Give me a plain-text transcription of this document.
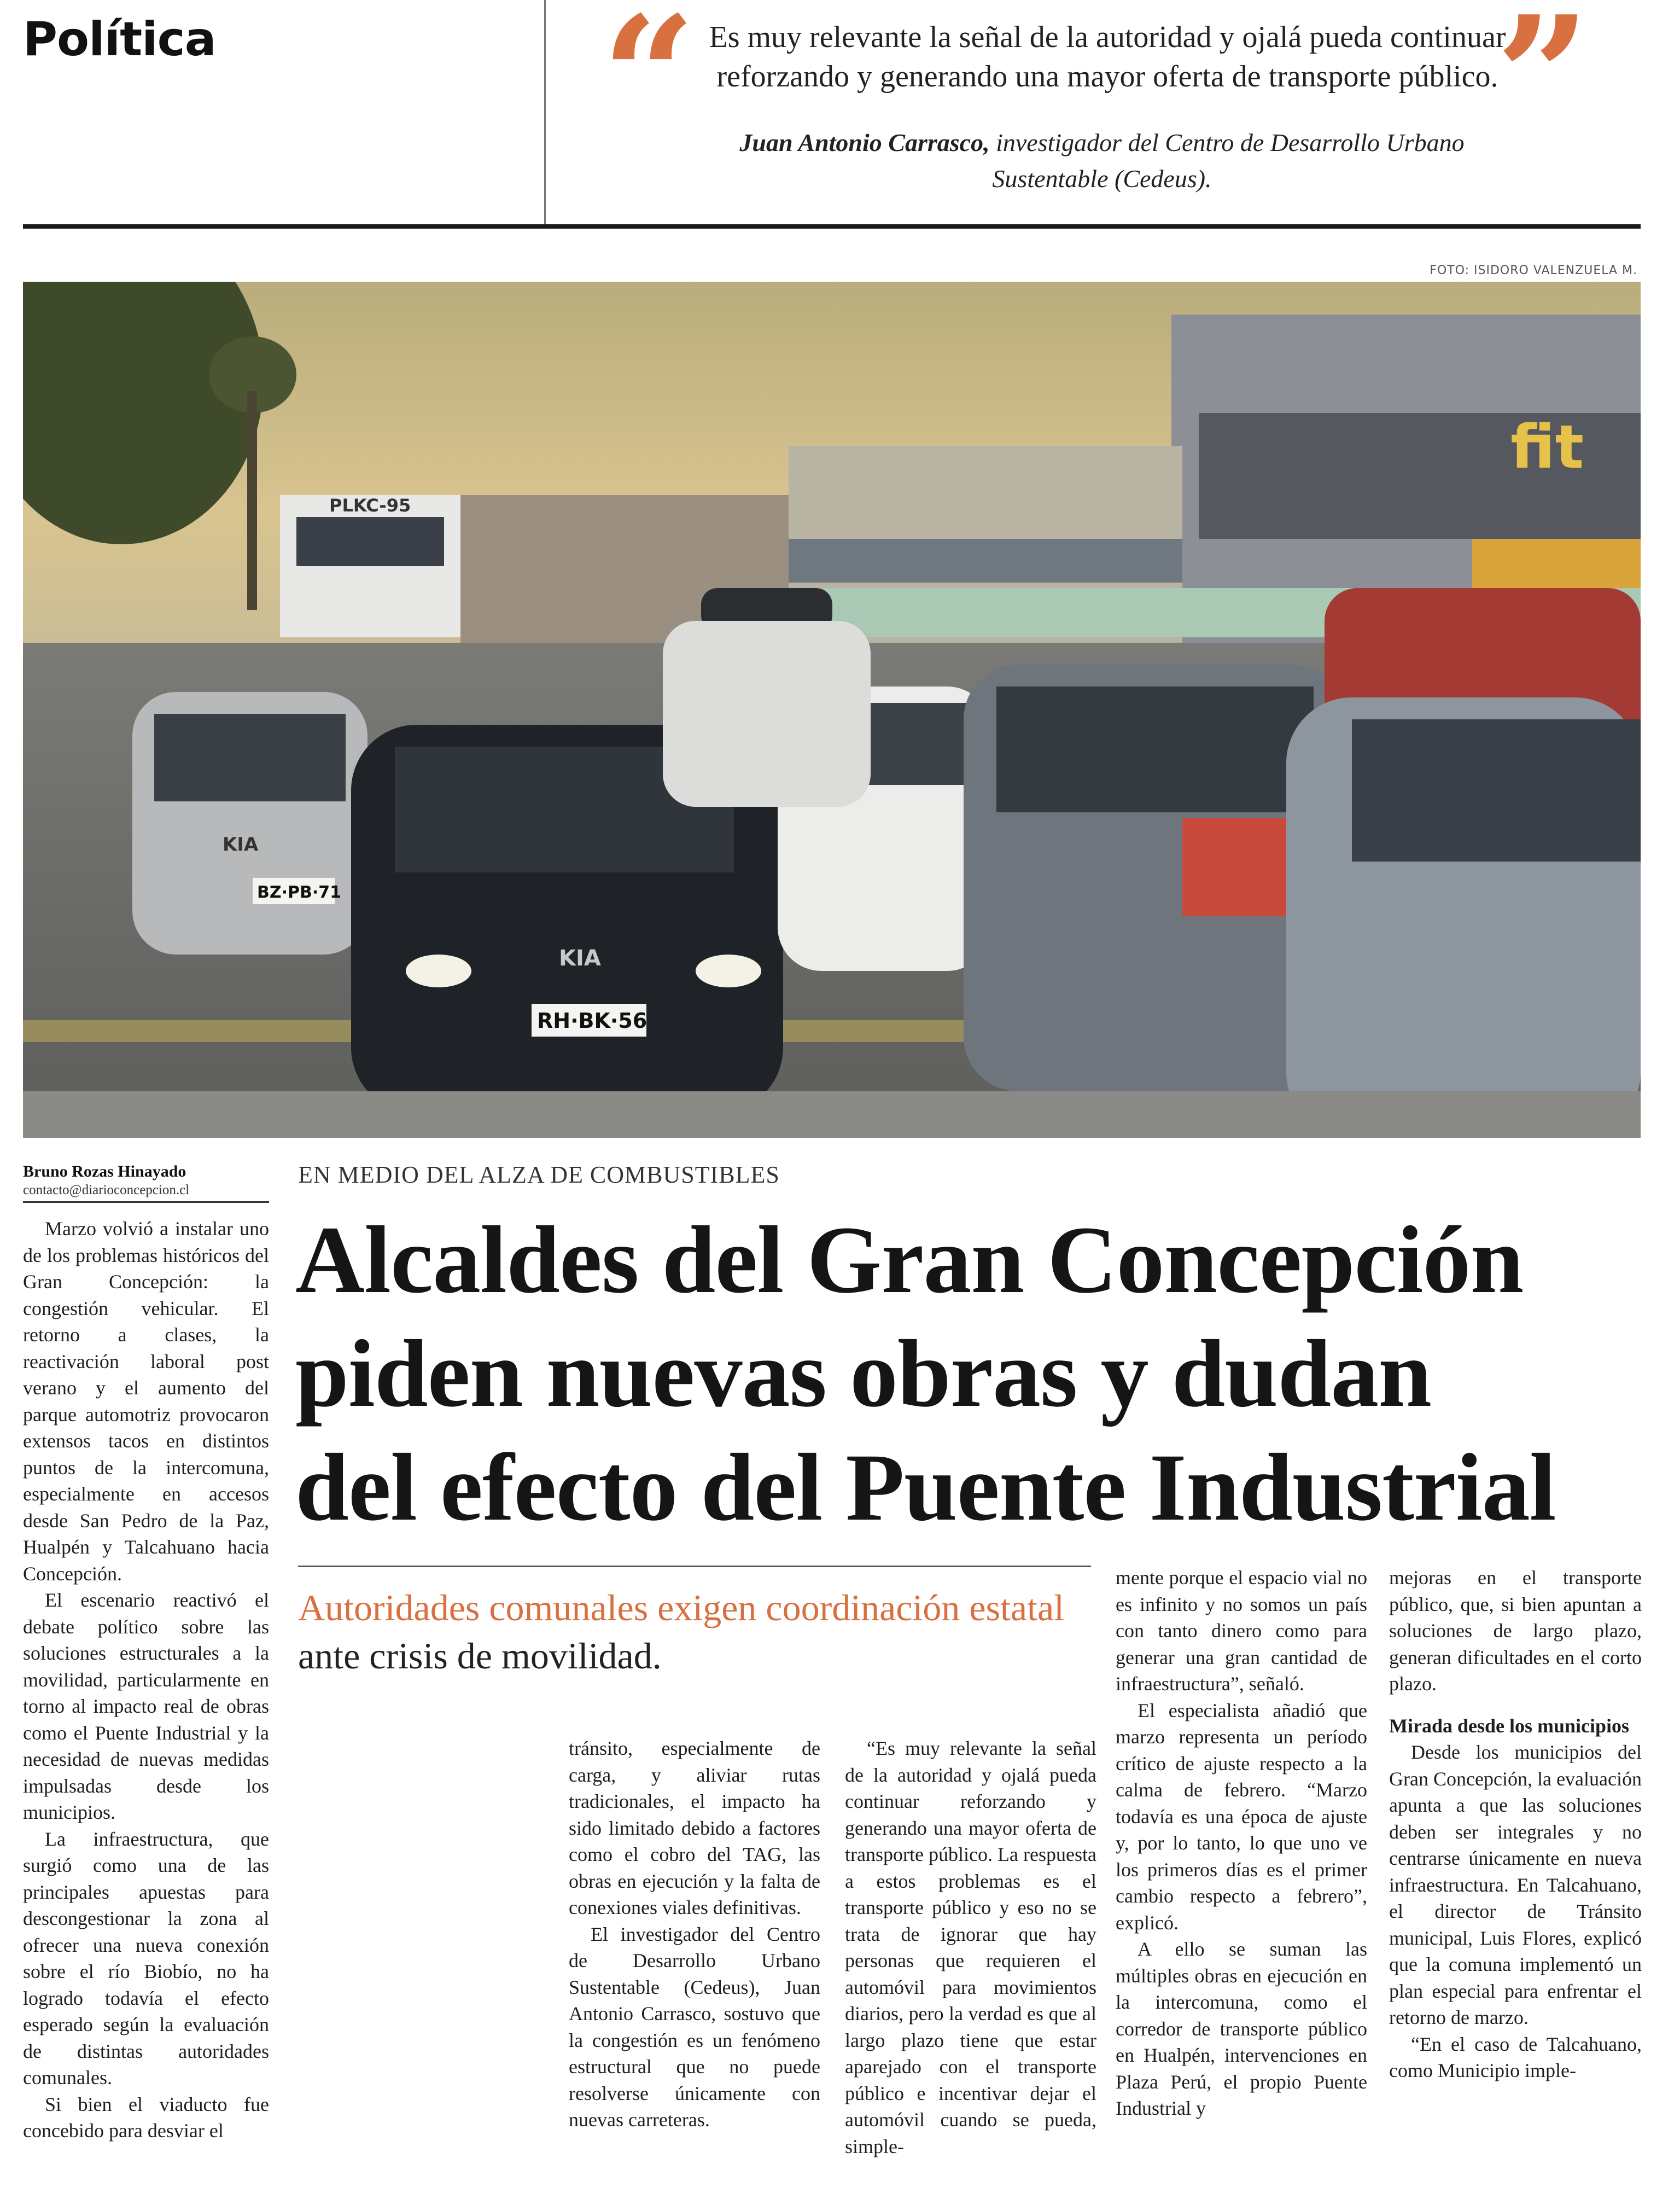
Política “ Es muy relevante la señal de la autoridad y ojalá pueda continuar reforzando y generando una mayor oferta de transporte público.
”
Juan Antonio Carrasco, investigador del Centro de Desarrollo Urbano Sustentable (Cedeus).
FOTO: ISIDORO VALENZUELA M.
fit
PLKC-95
BZ·PB·71
KIA
KIA
RH·BK·56
Bruno Rozas Hinayado
contacto@diarioconcepcion.cl
EN MEDIO DEL ALZA DE COMBUSTIBLES
Alcaldes del Gran Concepción
piden nuevas obras y dudan
del efecto del Puente Industrial
Autoridades comunales exigen coordinación estatal ante crisis de movilidad.

Marzo volvió a instalar uno de los problemas históricos del Gran Concepción: la congestión vehicular. El retorno a clases, la reactivación laboral post verano y el aumento del parque automotriz provocaron extensos tacos en distintos puntos de la intercomuna, especialmente en accesos desde San Pedro de la Paz, Hualpén y Talcahuano hacia Concepción.

El escenario reactivó el debate político sobre las soluciones estructurales a la movilidad, particularmente en torno al impacto real de obras como el Puente Industrial y la necesidad de nuevas medidas impulsadas desde los municipios.

La infraestructura, que surgió como una de las principales apuestas para descongestionar la zona al ofrecer una nueva conexión sobre el río Biobío, no ha logrado todavía el efecto esperado según la evaluación de distintas autoridades comunales.

Si bien el viaducto fue concebido para desviar el

tránsito, especialmente de carga, y aliviar rutas tradicionales, el impacto ha sido limitado debido a factores como el cobro del TAG, las obras en ejecución y la falta de conexiones viales definitivas.

El investigador del Centro de Desarrollo Urbano Sustentable (Cedeus), Juan Antonio Carrasco, sostuvo que la congestión es un fenómeno estructural que no puede resolverse únicamente con nuevas carreteras.

“Es muy relevante la señal de la autoridad y ojalá pueda continuar reforzando y generando una mayor oferta de transporte público. La respuesta a estos problemas es el transporte público y eso no se trata de ignorar que hay personas que requieren el automóvil para movimientos diarios, pero la verdad es que al largo plazo tiene que estar aparejado con el transporte público e incentivar dejar el automóvil cuando se pueda, simple-

mente porque el espacio vial no es infinito y no somos un país con tanto dinero como para generar una gran cantidad de infraestructura”, señaló.

El especialista añadió que marzo representa un período crítico de ajuste respecto a la calma de febrero. “Marzo todavía es una época de ajuste y, por lo tanto, lo que uno ve los primeros días es el primer cambio respecto a febrero”, explicó.

A ello se suman las múltiples obras en ejecución en la intercomuna, como el corredor de transporte público en Hualpén, intervenciones en Plaza Perú, el propio Puente Industrial y

mejoras en el transporte público, que, si bien apuntan a soluciones de largo plazo, generan dificultades en el corto plazo.

Mirada desde los municipios

Desde los municipios del Gran Concepción, la evaluación apunta a que las soluciones deben ser integrales y no centrarse únicamente en nueva infraestructura. En Talcahuano, el director de Tránsito municipal, Luis Flores, explicó que la comuna implementó un plan especial para enfrentar el retorno de marzo.

“En el caso de Talcahuano, como Municipio imple-
